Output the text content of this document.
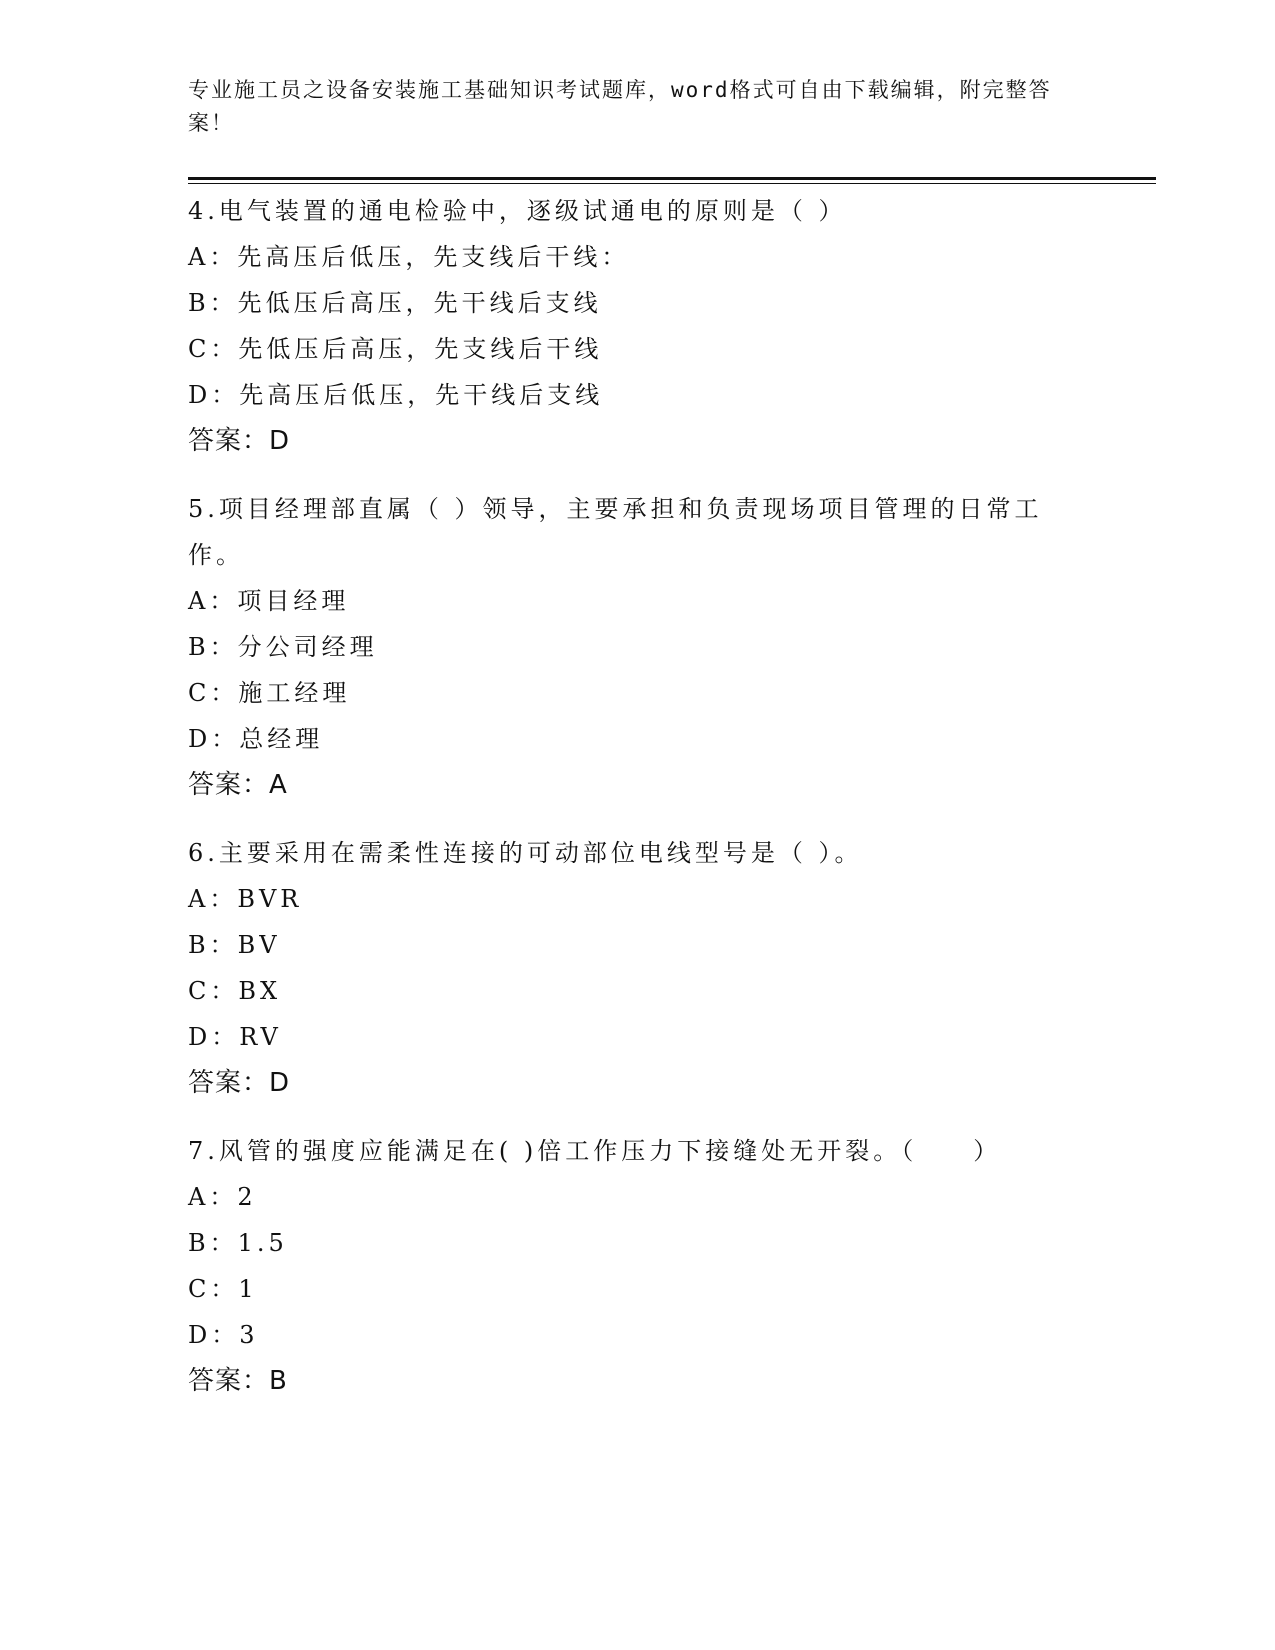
专业施工员之设备安装施工基础知识考试题库，word格式可自由下载编辑，附完整答案！

4.电气装置的通电检验中，逐级试通电的原则是（ ）

A：先高压后低压，先支线后干线：

B：先低压后高压，先干线后支线

C：先低压后高压，先支线后干线

D：先高压后低压，先干线后支线

答案：D

5.项目经理部直属（ ）领导，主要承担和负责现场项目管理的日常工作。

A：项目经理

B：分公司经理

C：施工经理

D：总经理

答案：A

6.主要采用在需柔性连接的可动部位电线型号是（ ）。

A：BVR

B：BV

C：BX

D：RV

答案：D

7.风管的强度应能满足在( )倍工作压力下接缝处无开裂。（　　）

A：2

B：1.5

C：1

D：3

答案：B
